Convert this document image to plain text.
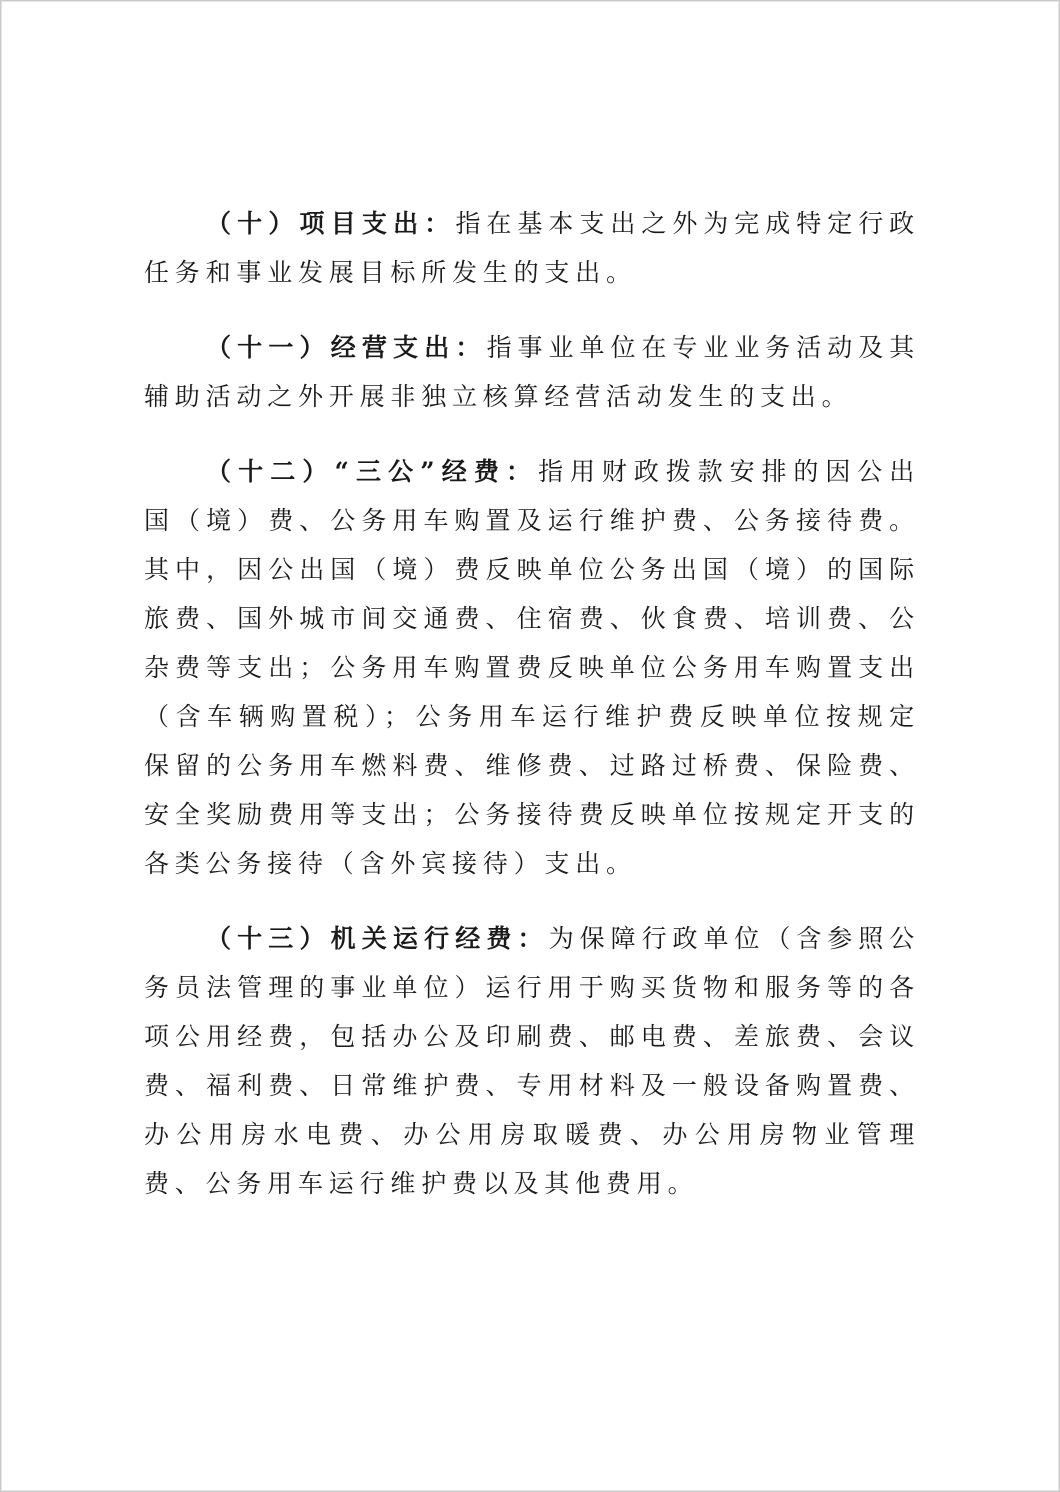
（十）项目支出：指在基本支出之外为完成特定行政任务和事业发展目标所发生的支出。

（十一）经营支出：指事业单位在专业业务活动及其辅助活动之外开展非独立核算经营活动发生的支出。

（十二）“三公”经费：指用财政拨款安排的因公出国（境）费、公务用车购置及运行维护费、公务接待费。其中，因公出国（境）费反映单位公务出国（境）的国际旅费、国外城市间交通费、住宿费、伙食费、培训费、公杂费等支出；公务用车购置费反映单位公务用车购置支出（含车辆购置税）；公务用车运行维护费反映单位按规定保留的公务用车燃料费、维修费、过路过桥费、保险费、安全奖励费用等支出；公务接待费反映单位按规定开支的各类公务接待（含外宾接待）支出。

（十三）机关运行经费：为保障行政单位（含参照公务员法管理的事业单位）运行用于购买货物和服务等的各项公用经费，包括办公及印刷费、邮电费、差旅费、会议费、福利费、日常维护费、专用材料及一般设备购置费、办公用房水电费、办公用房取暖费、办公用房物业管理费、公务用车运行维护费以及其他费用。
